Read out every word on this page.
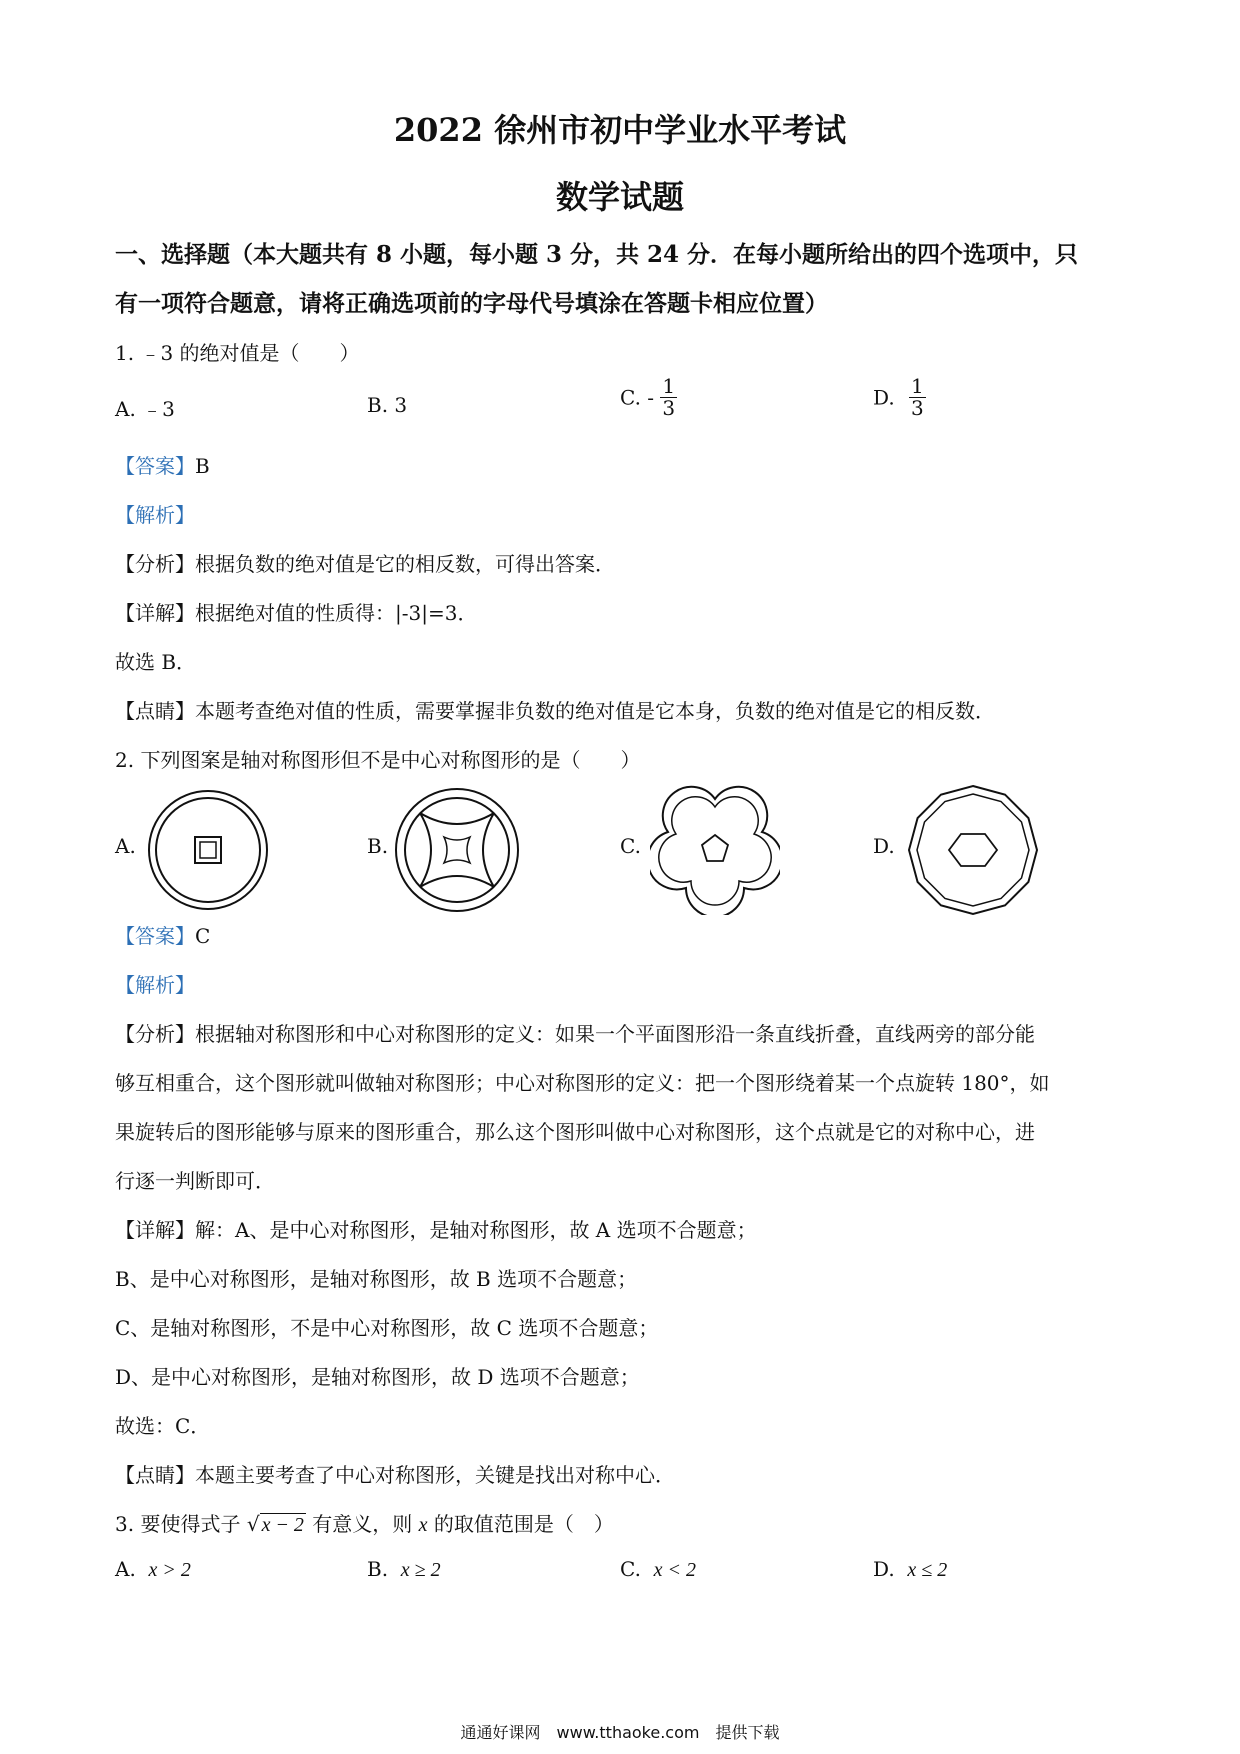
2022 徐州市初中学业水平考试
数学试题
一、选择题（本大题共有 8 小题，每小题 3 分，共 24 分．在每小题所给出的四个选项中，只
有一项符合题意，请将正确选项前的字母代号填涂在答题卡相应位置）
1. ﹣3 的绝对值是（　　）
A. ﹣3	B. 3	C. - $\frac{1}{3}$	D. $\frac{1}{3}$
【答案】B
【解析】
【分析】根据负数的绝对值是它的相反数，可得出答案．
【详解】根据绝对值的性质得：|-3|=3．
故选 B．
【点睛】本题考查绝对值的性质，需要掌握非负数的绝对值是它本身，负数的绝对值是它的相反数．
2. 下列图案是轴对称图形但不是中心对称图形的是（　　）
A.	B.	C.	D.
【答案】C
【解析】
【分析】根据轴对称图形和中心对称图形的定义：如果一个平面图形沿一条直线折叠，直线两旁的部分能
够互相重合，这个图形就叫做轴对称图形；中心对称图形的定义：把一个图形绕着某一个点旋转 180°，如
果旋转后的图形能够与原来的图形重合，那么这个图形叫做中心对称图形，这个点就是它的对称中心，进
行逐一判断即可．
【详解】解：A、是中心对称图形，是轴对称图形，故 A 选项不合题意；
B、是中心对称图形，是轴对称图形，故 B 选项不合题意；
C、是轴对称图形，不是中心对称图形，故 C 选项不合题意；
D、是中心对称图形，是轴对称图形，故 D 选项不合题意；
故选：C．
【点睛】本题主要考查了中心对称图形，关键是找出对称中心．
3. 要使得式子 √ x − 2 有意义，则 x 的取值范围是（　）
A. x > 2	B. x ≥ 2	C. x < 2	D. x ≤ 2
通通好课网　www.tthaoke.com　提供下载
